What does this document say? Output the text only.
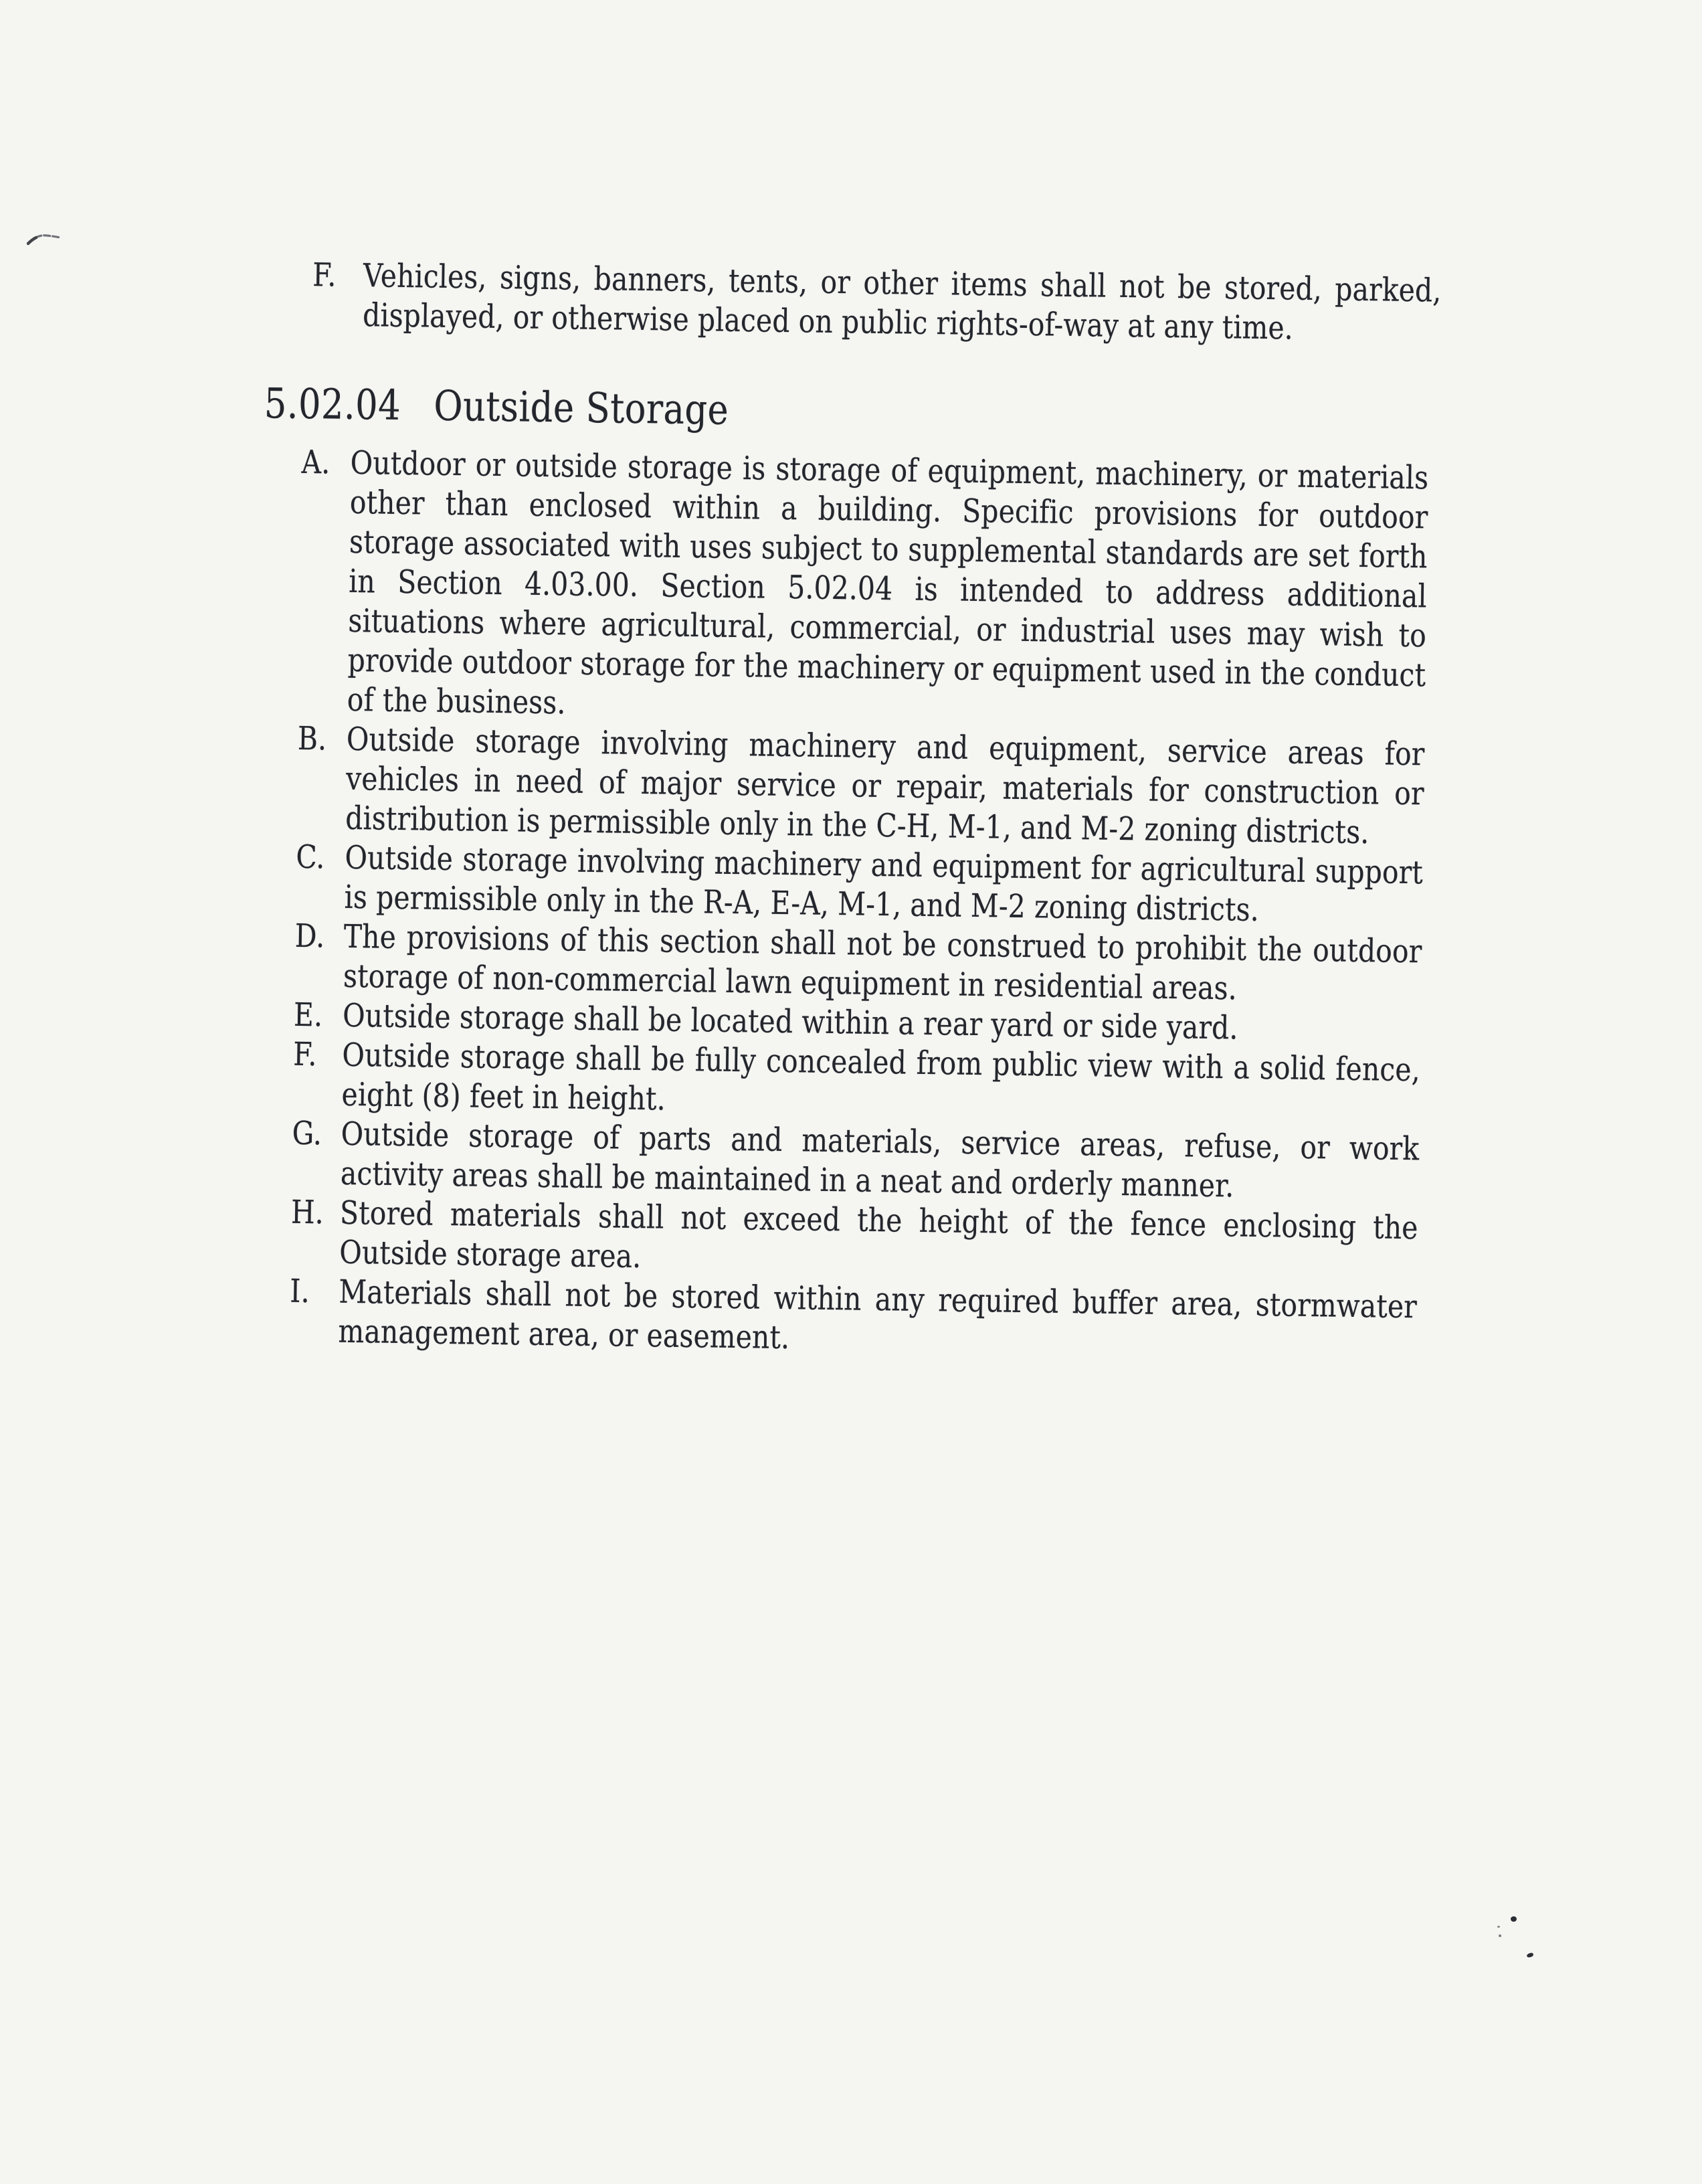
F. Vehicles, signs, banners, tents, or other items shall not be stored, parked, displayed, or otherwise placed on public rights-of-way at any time.
5.02.04 Outside Storage
A. Outdoor or outside storage is storage of equipment, machinery, or materials other than enclosed within a building. Specific provisions for outdoor storage associated with uses subject to supplemental standards are set forth in Section 4.03.00. Section 5.02.04 is intended to address additional situations where agricultural, commercial, or industrial uses may wish to provide outdoor storage for the machinery or equipment used in the conduct of the business.
B. Outside storage involving machinery and equipment, service areas for vehicles in need of major service or repair, materials for construction or distribution is permissible only in the C-H, M-1, and M-2 zoning districts.
C. Outside storage involving machinery and equipment for agricultural support is permissible only in the R-A, E-A, M-1, and M-2 zoning districts.
D. The provisions of this section shall not be construed to prohibit the outdoor storage of non-commercial lawn equipment in residential areas.
E. Outside storage shall be located within a rear yard or side yard.
F. Outside storage shall be fully concealed from public view with a solid fence, eight (8) feet in height.
G. Outside storage of parts and materials, service areas, refuse, or work activity areas shall be maintained in a neat and orderly manner.
H. Stored materials shall not exceed the height of the fence enclosing the Outside storage area.
I. Materials shall not be stored within any required buffer area, stormwater management area, or easement.
